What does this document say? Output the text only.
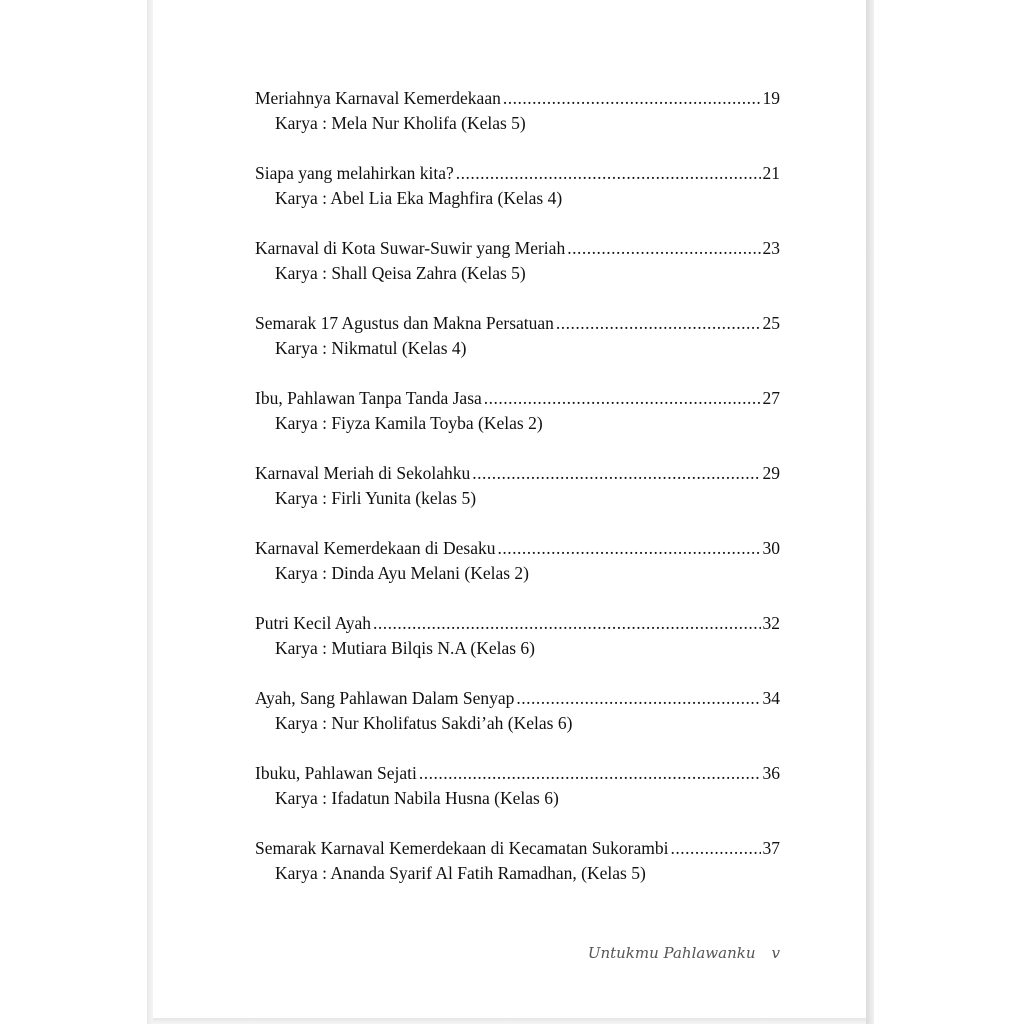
Meriahnya Karnaval Kemerdekaan .....	19
Karya : Mela Nur Kholifa (Kelas 5)
Siapa yang melahirkan kita? .....	21
Karya : Abel Lia Eka Maghfira (Kelas 4)
Karnaval di Kota Suwar-Suwir yang Meriah .....	23
Karya : Shall Qeisa Zahra (Kelas 5)
Semarak 17 Agustus dan Makna Persatuan .....	25
Karya : Nikmatul (Kelas 4)
Ibu, Pahlawan Tanpa Tanda Jasa .....	27
Karya : Fiyza Kamila Toyba (Kelas 2)
Karnaval Meriah di Sekolahku .....	29
Karya : Firli Yunita (kelas 5)
Karnaval Kemerdekaan di Desaku .....	30
Karya : Dinda Ayu Melani (Kelas 2)
Putri Kecil Ayah .....	32
Karya : Mutiara Bilqis N.A (Kelas 6)
Ayah, Sang Pahlawan Dalam Senyap .....	34
Karya : Nur Kholifatus Sakdi’ah (Kelas 6)
Ibuku, Pahlawan Sejati .....	36
Karya : Ifadatun Nabila Husna (Kelas 6)
Semarak Karnaval Kemerdekaan di Kecamatan Sukorambi .....	37
Karya : Ananda Syarif Al Fatih Ramadhan, (Kelas 5)
Untukmu Pahlawanku v
